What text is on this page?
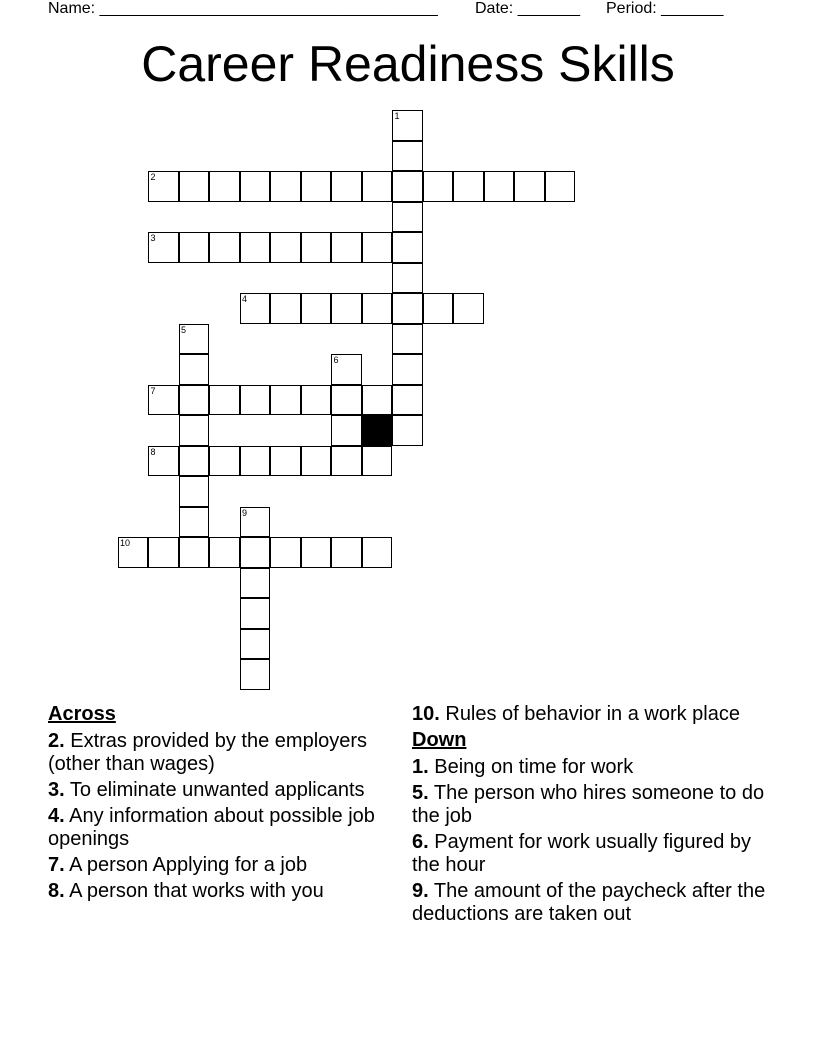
Name: ______________________________________ Date: _______ Period: _______
Career Readiness Skills
1
2
3
4
5
6
7
8
9
10
Across
2. Extras provided by the employers (other than wages)
3. To eliminate unwanted applicants
4. Any information about possible job openings
7. A person Applying for a job
8. A person that works with you
10. Rules of behavior in a work place
Down
1. Being on time for work
5. The person who hires someone to do the job
6. Payment for work usually figured by the hour
9. The amount of the paycheck after the deductions are taken out
